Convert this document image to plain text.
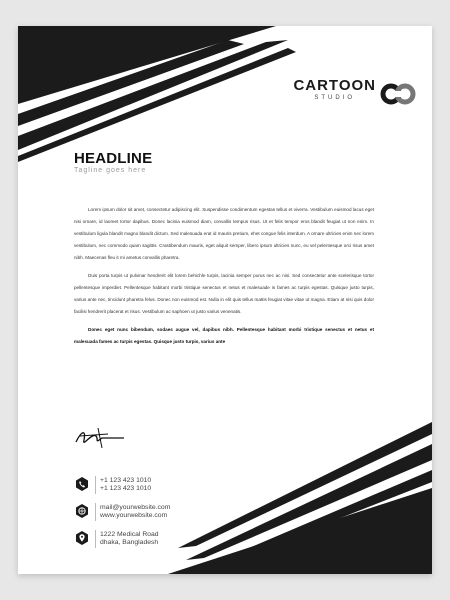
CARTOON
STUDIO
HEADLINE
Tagline goes here

Lorem ipsum dolor sit amet, consectetur adipiscing elit. Suspendisse condimentum egestas tellus et viverra. Vestibulum euismod lacus eget nisi ornare, id laoreet tortor dapibus. Donec lacinia euismod diam, convallis tempus risus. Ut et felis tempor eros blandit feugiat ut non enim. In vestibulum ligula blandit magno blandit dictum. Sed malesuada erat id mauris pretium, ehet congue felis interdum. A ornare ultricies enim nec lorem vestibulum, nec commodo quam sagittis. Crastibendum mauris, eget aliquit semper, libero ipsum ultricies nunc, eu vel pelentesque orci risus amet nibh. Maecenas fleu it mi ametus convallis pharetra.

Duis porta turpis ut pulvinar hendrerit elit lorem behichle turpis, lacinia semper purus nec ac nisi. Sed consectetur ante scelerisque tortor pellentesque imperdiet. Pellentesque habitant morbi tristique senectus et netus et malesuade is fames ac turpis egestas. Quisque justo turpis, varius ante nec, tincidunt pharetra felus. Donec non euismod est. Nulla in elit quis tellus mattis feugiat vitae vitae ut magna. Etiam at nisi quis dolor facilisi hendrerit placerat et risus. Vestibulum ac saphoen ut justo varius venenatis.

Donec eget nunc bibendum, sodaes augue vel, dapibus nibh. Pellentesque habitant morbi tristique senectus et netus et malesuada fames ac turpis egestas. Quisque justo turpis, varius ante

+1 123 423 1010
+1 123 423 1010
mail@yourwebsite.com
www.yourwebsite.com
1222 Medical Road
dhaka, Bangladesh
